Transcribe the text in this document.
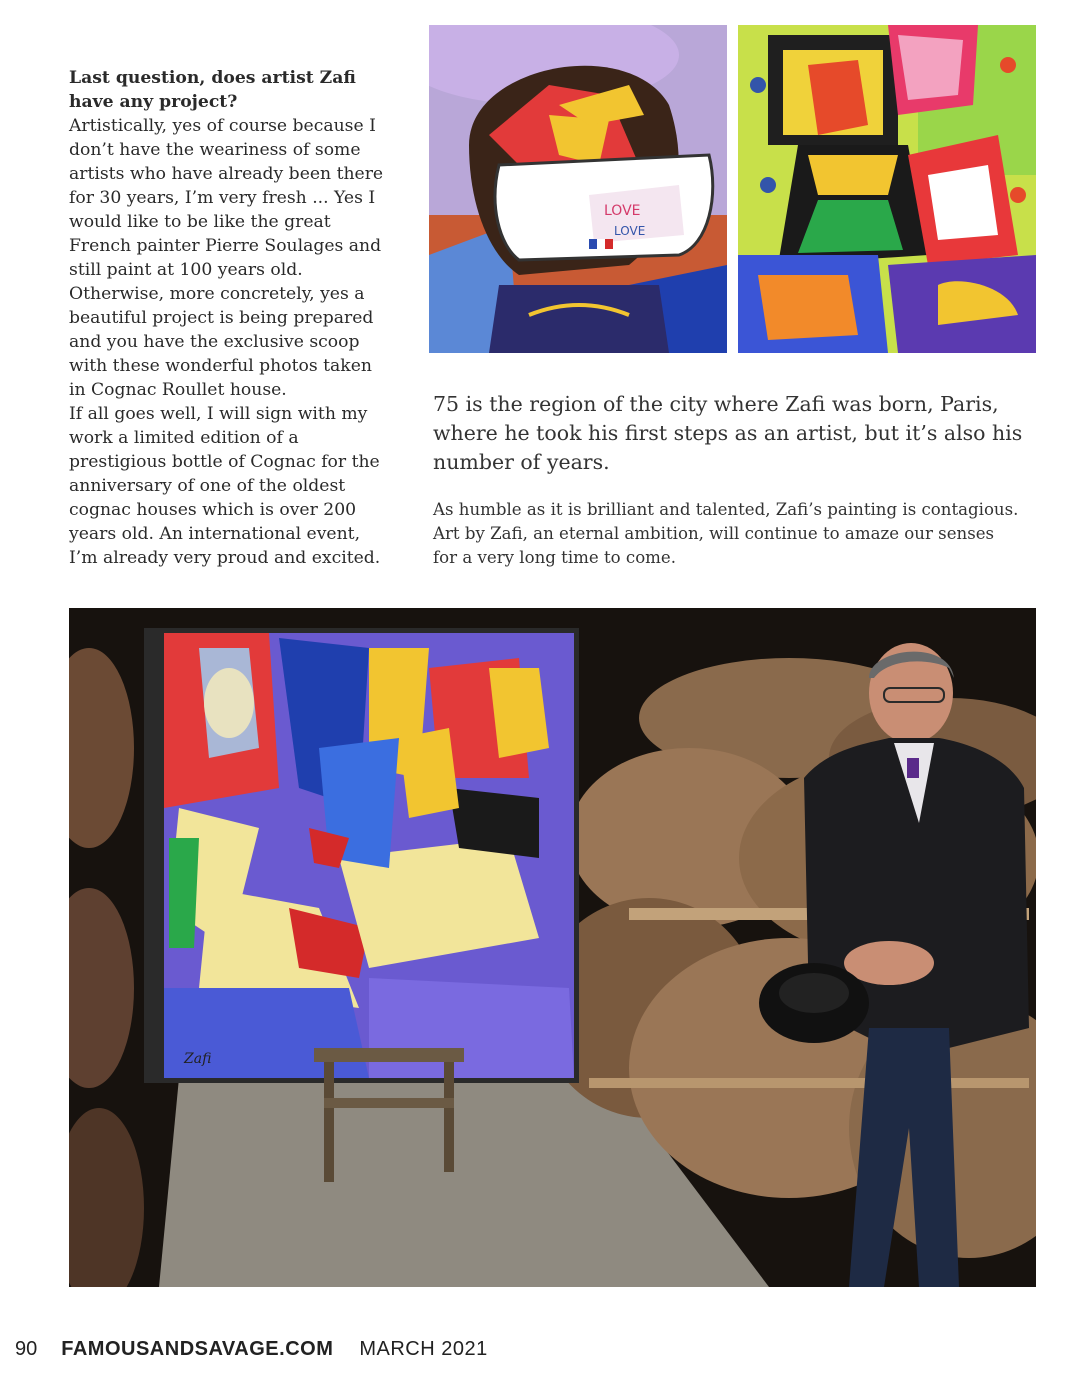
Last question, does artist Zafi have any project?

Artistically, yes of course because I don’t have the weariness of some artists who have already been there for 30 years, I’m very fresh ... Yes I would like to be like the great French painter Pierre Soulages and still paint at 100 years old. Otherwise, more concretely, yes a beautiful project is being prepared and you have the exclusive scoop with these wonderful photos taken in Cognac Roullet house.

If all goes well, I will sign with my work a limited edition of a prestigious bottle of Cognac for the anniversary of one of the oldest cognac houses which is over 200 years old. An international event, I’m already very proud and excited.

LOVE
LOVE

75 is the region of the city where Zafi was born, Paris, where he took his first steps as an artist, but it’s also his number of years.

As humble as it is brilliant and talented, Zafi’s painting is contagious. Art by Zafi, an eternal ambition, will continue to amaze our senses for a very long time to come.

Zafi
90 FAMOUSANDSAVAGE.COM MARCH 2021
